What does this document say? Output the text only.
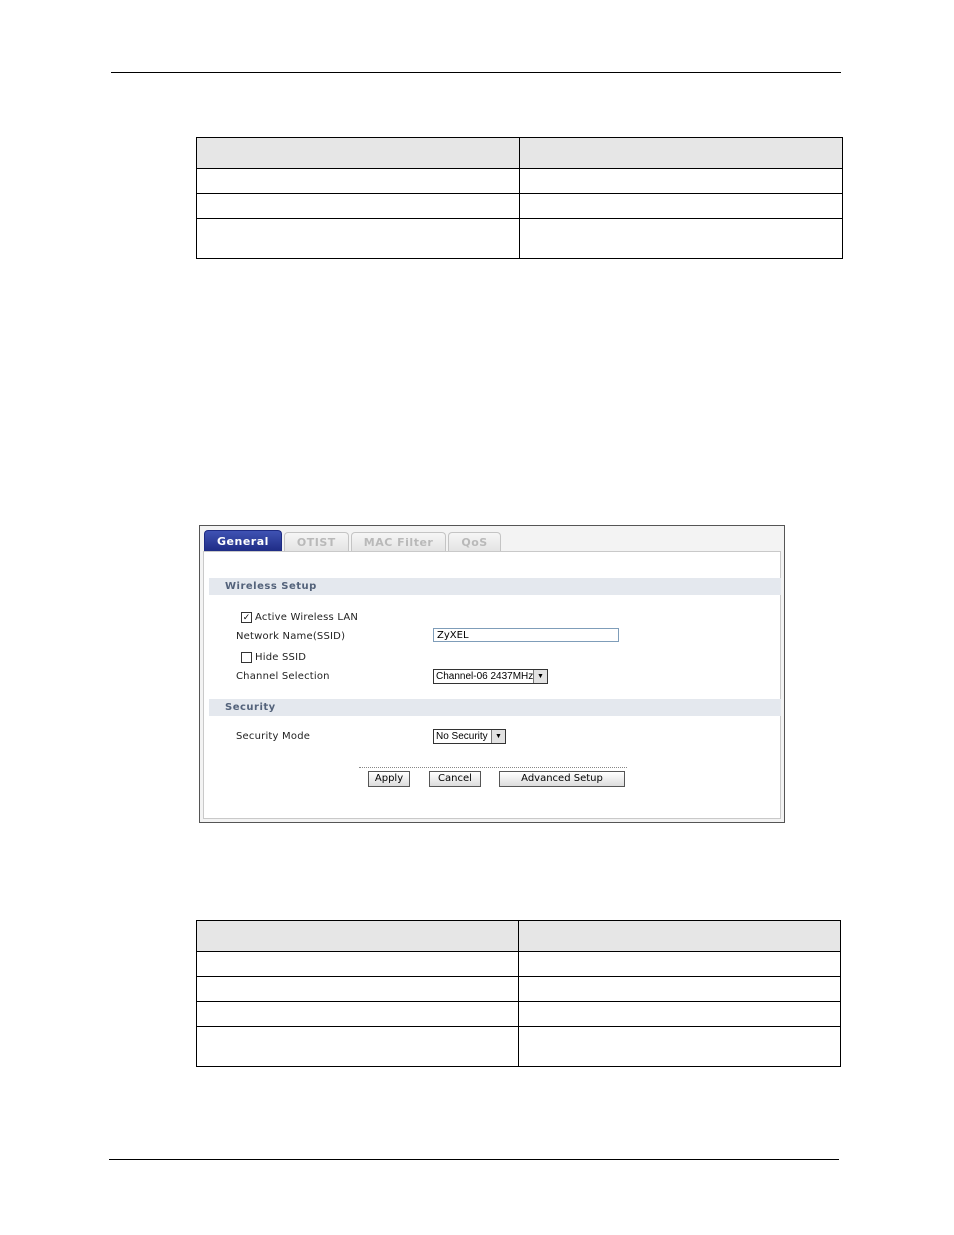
General	OTIST	MAC Filter	QoS
Wireless Setup
✓ Active Wireless LAN
Network Name(SSID)	ZyXEL
Hide SSID
Channel Selection	Channel-06 2437MHz ▼
Security
Security Mode	No Security	▼
Apply	Cancel	Advanced Setup
